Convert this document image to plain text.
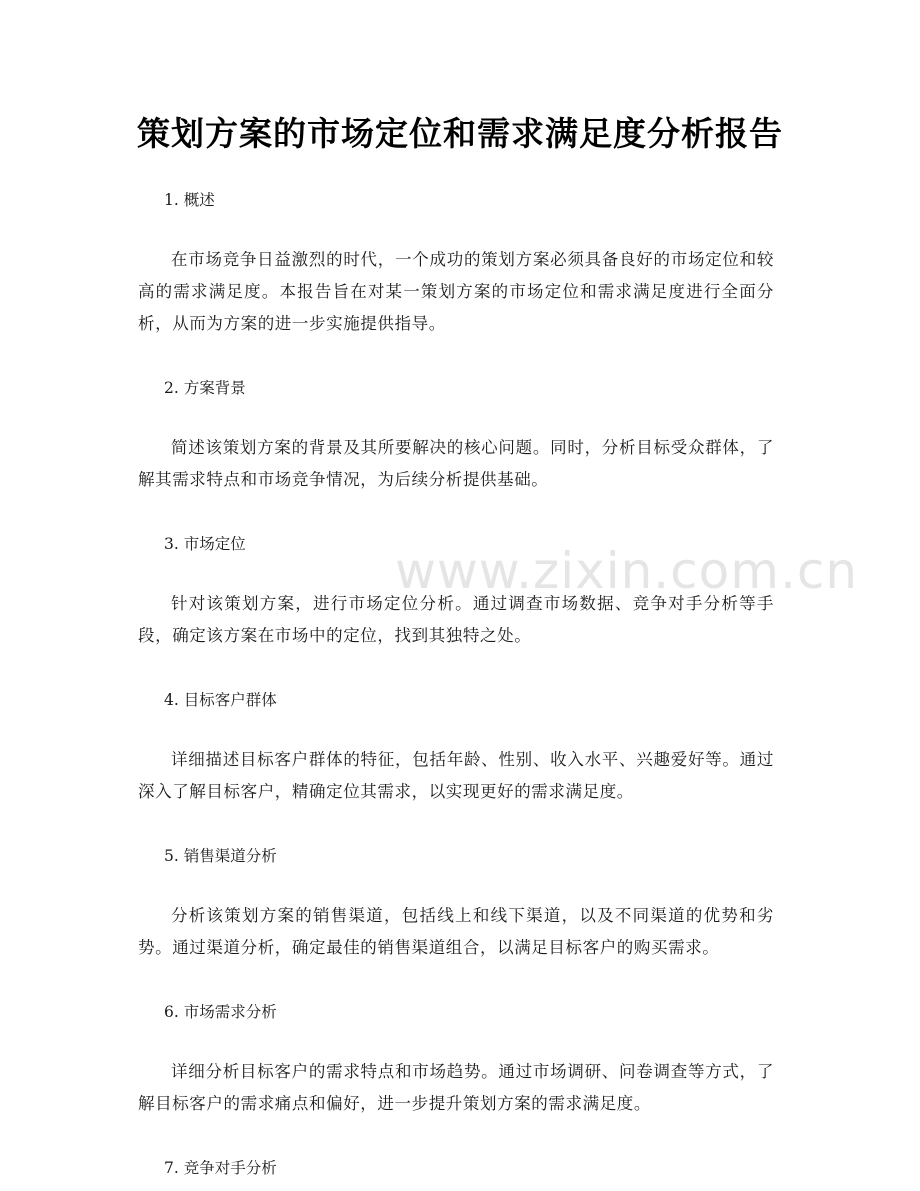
策划方案的市场定位和需求满足度分析报告
1. 概述

在市场竞争日益激烈的时代，一个成功的策划方案必须具备良好的市场定位和较高的需求满足度。本报告旨在对某一策划方案的市场定位和需求满足度进行全面分析，从而为方案的进一步实施提供指导。

2. 方案背景

简述该策划方案的背景及其所要解决的核心问题。同时，分析目标受众群体，了解其需求特点和市场竞争情况，为后续分析提供基础。

3. 市场定位

针对该策划方案，进行市场定位分析。通过调查市场数据、竞争对手分析等手段，确定该方案在市场中的定位，找到其独特之处。

4. 目标客户群体

详细描述目标客户群体的特征，包括年龄、性别、收入水平、兴趣爱好等。通过深入了解目标客户，精确定位其需求，以实现更好的需求满足度。

5. 销售渠道分析

分析该策划方案的销售渠道，包括线上和线下渠道，以及不同渠道的优势和劣势。通过渠道分析，确定最佳的销售渠道组合，以满足目标客户的购买需求。

6. 市场需求分析

详细分析目标客户的需求特点和市场趋势。通过市场调研、问卷调查等方式，了解目标客户的需求痛点和偏好，进一步提升策划方案的需求满足度。

7. 竞争对手分析
www.zixin.com.cn
